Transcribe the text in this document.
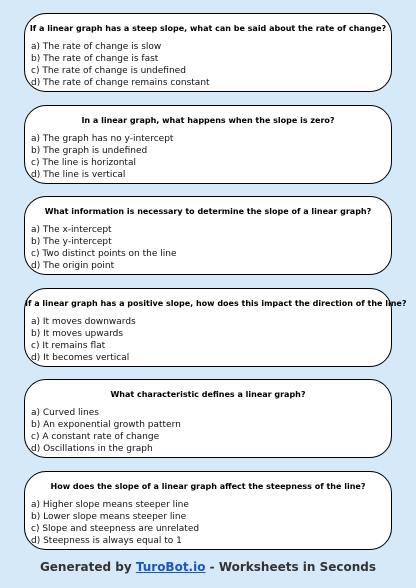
If a linear graph has a steep slope, what can be said about the rate of change?
a) The rate of change is slow
b) The rate of change is fast
c) The rate of change is undefined
d) The rate of change remains constant
In a linear graph, what happens when the slope is zero?
a) The graph has no y-intercept
b) The graph is undefined
c) The line is horizontal
d) The line is vertical
What information is necessary to determine the slope of a linear graph?
a) The x-intercept
b) The y-intercept
c) Two distinct points on the line
d) The origin point
If a linear graph has a positive slope, how does this impact the direction of the line?
a) It moves downwards
b) It moves upwards
c) It remains flat
d) It becomes vertical
What characteristic defines a linear graph?
a) Curved lines
b) An exponential growth pattern
c) A constant rate of change
d) Oscillations in the graph
How does the slope of a linear graph affect the steepness of the line?
a) Higher slope means steeper line
b) Lower slope means steeper line
c) Slope and steepness are unrelated
d) Steepness is always equal to 1
Generated by TuroBot.io - Worksheets in Seconds
